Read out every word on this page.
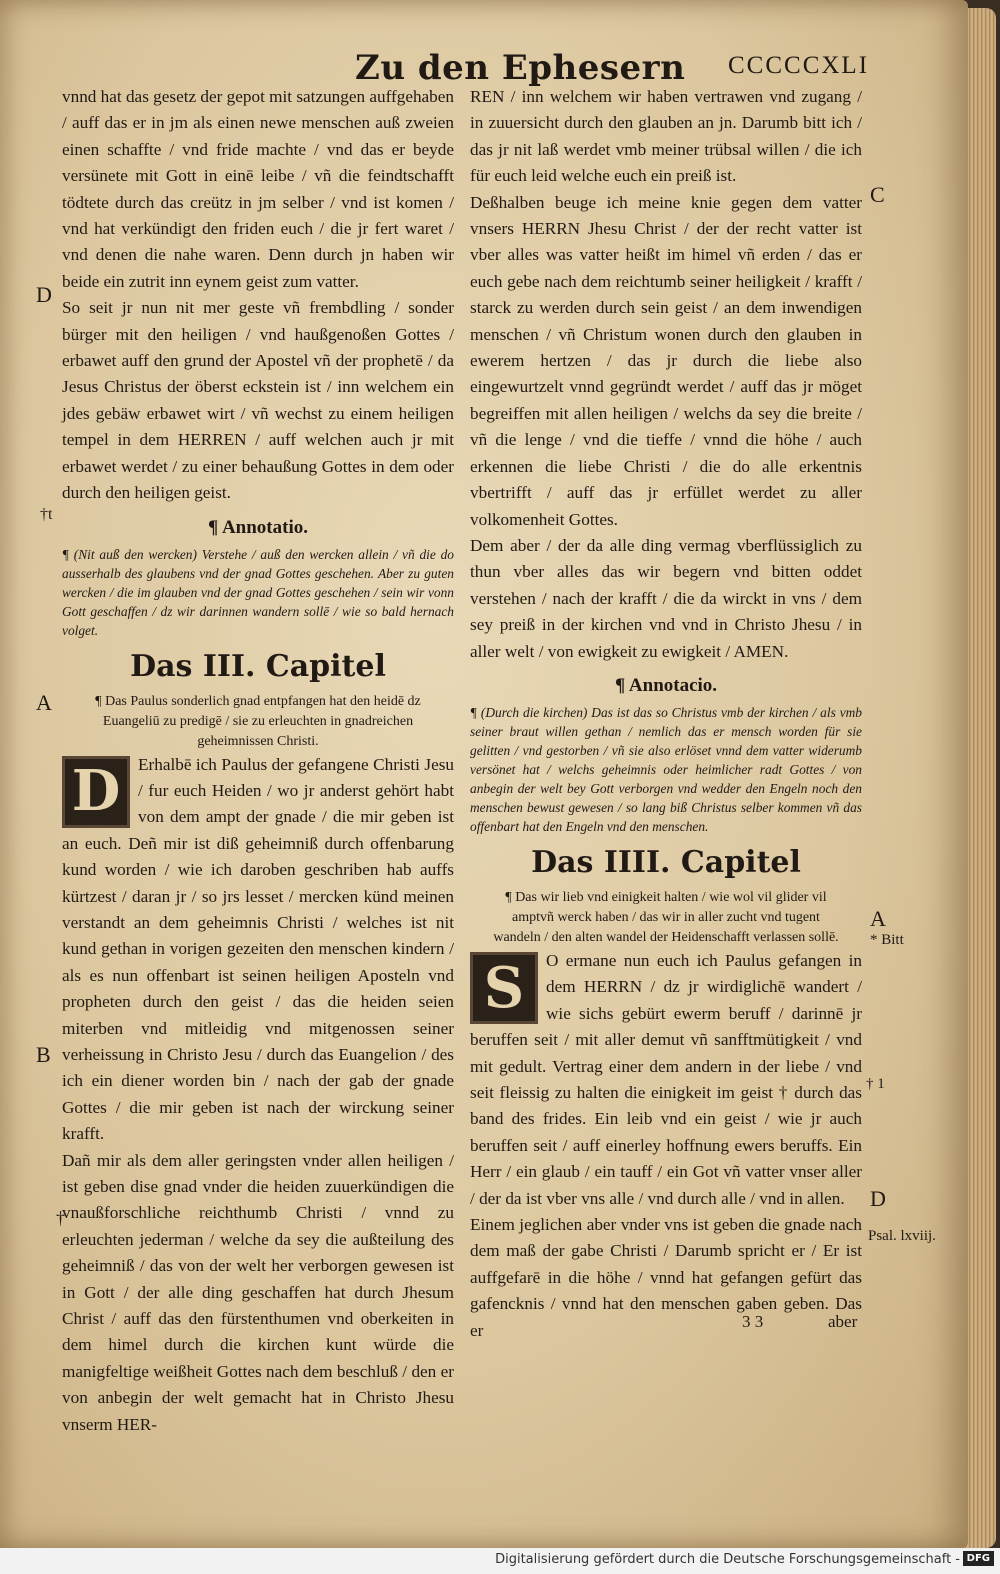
Zu den Ephesern CCCCCXLI

vnnd hat das gesetz der gepot mit satzungen auffgehaben / auff das er in jm als einen newe menschen auß zweien einen schaffte / vnd fride machte / vnd das er beyde versünete mit Gott in einē leibe / vñ die feindtschafft tödtete durch das creütz in jm selber / vnd ist komen / vnd hat verkündigt den friden euch / die jr fert waret / vnd denen die nahe waren. Denn durch jn haben wir beide ein zutrit inn eynem geist zum vatter.

So seit jr nun nit mer geste vñ frembdling / sonder bürger mit den heiligen / vnd haußgenoßen Gottes / erbawet auff den grund der Apostel vñ der prophetē / da Jesus Christus der öberst eckstein ist / inn welchem ein jdes gebäw erbawet wirt / vñ wechst zu einem heiligen tempel in dem HERREN / auff welchen auch jr mit erbawet werdet / zu einer behaußung Gottes in dem oder durch den heiligen geist.

¶ Annotatio.

¶ (Nit auß den wercken) Verstehe / auß den wercken allein / vñ die do ausserhalb des glaubens vnd der gnad Gottes geschehen. Aber zu guten wercken / die im glauben vnd der gnad Gottes geschehen / sein wir vonn Gott geschaffen / dz wir darinnen wandern sollē / wie so bald hernach volget.

Das III. Capitel

¶ Das Paulus sonderlich gnad entpfangen hat den heidē dz Euangeliū zu predigē / sie zu erleuchten in gnadreichen geheimnissen Christi.

D	Erhalbē ich Paulus der gefangene Christi Jesu / fur euch Heiden / wo jr anderst gehört habt von dem ampt der gnade / die mir geben ist an euch. Deñ mir ist diß geheimniß durch offenbarung kund worden / wie ich daroben geschriben hab auffs kürtzest / daran jr / so jrs lesset / mercken künd meinen verstandt an dem geheimnis Christi / welches ist nit kund gethan in vorigen gezeiten den menschen kindern / als es nun offenbart ist seinen heiligen Aposteln vnd propheten durch den geist / das die heiden seien miterben vnd mitleidig vnd mitgenossen seiner verheissung in Christo Jesu / durch das Euangelion / des ich ein diener worden bin / nach der gab der gnade Gottes / die mir geben ist nach der wirckung seiner krafft.

Dañ mir als dem aller geringsten vnder allen heiligen / ist geben dise gnad vnder die heiden zuuerkündigen die vnaußforschliche reichthumb Christi / vnnd zu erleuchten jederman / welche da sey die außteilung des geheimniß / das von der welt her verborgen gewesen ist in Gott / der alle ding geschaffen hat durch Jhesum Christ / auff das den fürstenthumen vnd oberkeiten in dem himel durch die kirchen kunt würde die manigfeltige weißheit Gottes nach dem beschluß / den er von anbegin der welt gemacht hat in Christo Jhesu vnserm HER-

REN / inn welchem wir haben vertrawen vnd zugang / in zuuersicht durch den glauben an jn. Darumb bitt ich / das jr nit laß werdet vmb meiner trübsal willen / die ich für euch leid welche euch ein preiß ist.

Deßhalben beuge ich meine knie gegen dem vatter vnsers HERRN Jhesu Christ / der der recht vatter ist vber alles was vatter heißt im himel vñ erden / das er euch gebe nach dem reichtumb seiner heiligkeit / krafft / starck zu werden durch sein geist / an dem inwendigen menschen / vñ Christum wonen durch den glauben in ewerem hertzen / das jr durch die liebe also eingewurtzelt vnnd gegründt werdet / auff das jr möget begreiffen mit allen heiligen / welchs da sey die breite / vñ die lenge / vnd die tieffe / vnnd die höhe / auch erkennen die liebe Christi / die do alle erkentnis vbertrifft / auff das jr erfüllet werdet zu aller volkomenheit Gottes.

Dem aber / der da alle ding vermag vberflüssiglich zu thun vber alles das wir begern vnd bitten oddet verstehen / nach der krafft / die da wirckt in vns / dem sey preiß in der kirchen vnd vnd in Christo Jhesu / in aller welt / von ewigkeit zu ewigkeit / AMEN.

¶ Annotacio.

¶ (Durch die kirchen) Das ist das so Christus vmb der kirchen / als vmb seiner braut willen gethan / nemlich das er mensch worden für sie gelitten / vnd gestorben / vñ sie also erlöset vnnd dem vatter widerumb versönet hat / welchs geheimnis oder heimlicher radt Gottes / von anbegin der welt bey Gott verborgen vnd wedder den Engeln noch den menschen bewust gewesen / so lang biß Christus selber kommen vñ das offenbart hat den Engeln vnd den menschen.

Das IIII. Capitel

¶ Das wir lieb vnd einigkeit halten / wie wol vil glider vil amptvñ werck haben / das wir in aller zucht vnd tugent wandeln / den alten wandel der Heidenschafft verlassen sollē.

S	O ermane nun euch ich Paulus gefangen in dem HERRN / dz jr wirdiglichē wandert / wie sichs gebürt ewerm beruff / darinnē jr beruffen seit / mit aller demut vñ sanfftmütigkeit / vnd mit gedult. Vertrag einer dem andern in der liebe / vnd seit fleissig zu halten die einigkeit im geist † durch das band des frides. Ein leib vnd ein geist / wie jr auch beruffen seit / auff einerley hoffnung ewers beruffs. Ein Herr / ein glaub / ein tauff / ein Got vñ vatter vnser aller / der da ist vber vns alle / vnd durch alle / vnd in allen.

Einem jeglichen aber vnder vns ist geben die gnade nach dem maß der gabe Christi / Darumb spricht er / Er ist auffgefarē in die höhe / vnnd hat gefangen gefürt das gafencknis / vnnd hat den menschen gaben geben. Das er

D
†t
A
B
†
C
A
* Bitt
† 1
D
Psal. lxviij.
3 3	aber
Digitalisierung gefördert durch die Deutsche Forschungsgemeinschaft - DFG
